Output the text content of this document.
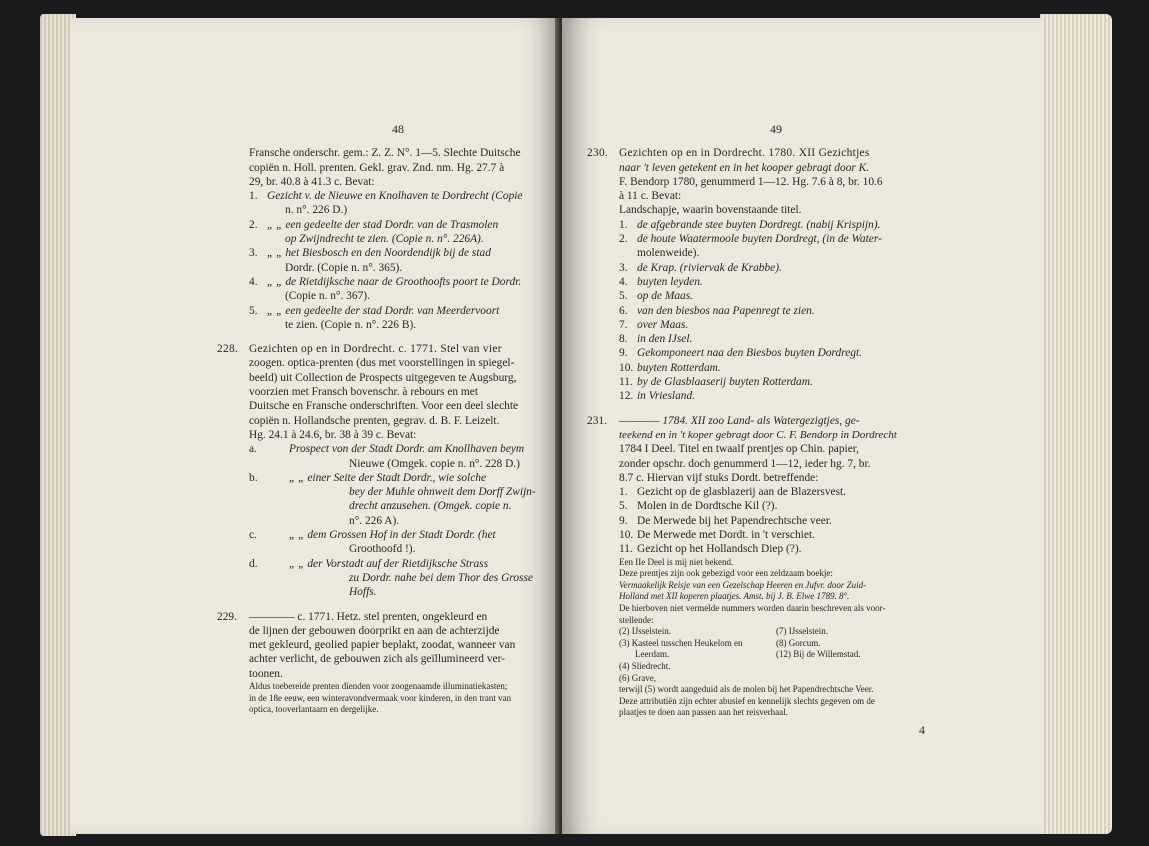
48

Fransche onderschr. gem.: Z. Z. N°. 1—5. Slechte Duitsche

copiën n. Holl. prenten. Gekl. grav. Znd. nm. Hg. 27.7 à

29, br. 40.8 à 41.3 c. Bevat:

1. Gezicht v. de Nieuwe en Knolhaven te Dordrecht (Copie
n. n°. 226 D.)
2. „ „ een gedeelte der stad Dordr. van de Trasmolen
op Zwijndrecht te zien. (Copie n. n°. 226A).
3. „ „ het Biesbosch en den Noordendijk bij de stad
Dordr. (Copie n. n°. 365).
4. „ „ de Rietdijksche naar de Groothoofts poort te Dordr.
(Copie n. n°. 367).
5. „ „ een gedeelte der stad Dordr. van Meerdervoort
te zien. (Copie n. n°. 226 B).

228. Gezichten op en in Dordrecht. c. 1771. Stel van vier

zoogen. optica-prenten (dus met voorstellingen in spiegel-

beeld) uit Collection de Prospects uitgegeven te Augsburg,

voorzien met Fransch bovenschr. à rebours en met

Duitsche en Fransche onderschriften. Voor een deel slechte

copiën n. Hollandsche prenten, gegrav. d. B. F. Leizelt.

Hg. 24.1 à 24.6, br. 38 à 39 c. Bevat:

a.	Prospect von der Stadt Dordr. am Knollhaven beym
Nieuwe (Omgek. copie n. n°. 228 D.)
b.	„ „ einer Seite der Stadt Dordr., wie solche
bey der Muhle ohnweit dem Dorff Zwijn-
drecht anzusehen. (Omgek. copie n.
n°. 226 A).
c.	„ „ dem Grossen Hof in der Stadt Dordr. (het
Groothoofd !).
d.	„ „ der Vorstadt auf der Rietdijksche Strass
zu Dordr. nahe bei dem Thor des Grosse
Hoffs.

229. ———— c. 1771. Hetz. stel prenten, ongekleurd en

de lijnen der gebouwen doorprikt en aan de achterzijde

met gekleurd, geolied papier beplakt, zoodat, wanneer van

achter verlicht, de gebouwen zich als geïllumineerd ver-

toonen.

Aldus toebereide prenten dienden voor zoogenaamde illuminatiekasten;

in de 18e eeuw, een winteravondvermaak voor kinderen, in den trant van

optica, tooverlantaarn en dergelijke.

49

230. Gezichten op en in Dordrecht. 1780. XII Gezichtjes

naar 't leven getekent en in het kooper gebragt door K.

F. Bendorp 1780, genummerd 1—12. Hg. 7.6 à 8, br. 10.6

à 11 c. Bevat:

Landschapje, waarin bovenstaande titel.

1. de afgebrande stee buyten Dordregt. (nabij Krispijn).
2. de houte Waatermoole buyten Dordregt, (in de Water-
molenweide).
3. de Krap. (riviervak de Krabbe).
4. buyten leyden.
5. op de Maas.
6. van den biesbos naa Papenregt te zien.
7. over Maas.
8. in den IJsel.
9. Gekomponeert naa den Biesbos buyten Dordregt.
10. buyten Rotterdam.
11. by de Glasblaaserij buyten Rotterdam.
12. in Vriesland.

231. ———— 1784. XII zoo Land- als Watergezigtjes, ge-

teekend en in 't koper gebragt door C. F. Bendorp in Dordrecht

1784 I Deel. Titel en twaalf prentjes op Chin. papier,

zonder opschr. doch genummerd 1—12, ieder hg. 7, br.

8.7 c. Hiervan vijf stuks Dordt. betreffende:

1. Gezicht op de glasblazerij aan de Blazersvest.
5. Molen in de Dordtsche Kil (?).
9. De Merwede bij het Papendrechtsche veer.
10. De Merwede met Dordt. in 't verschiet.
11. Gezicht op het Hollandsch Diep (?).

Een IIe Deel is mij niet bekend.

Deze prentjes zijn ook gebezigd voor een zeldzaam boekje:

Vermaakelijk Reisje van een Gezelschap Heeren en Jufvr. door Zuid-

Holland met XII koperen plaatjes. Amst. bij J. B. Elwe 1789. 8°.

De hierboven niet vermelde nummers worden daarin beschreven als voor-

stellende:

(2) IJsselstein.
(3) Kasteel tusschen Heukelom en
Leerdam.
(4) Sliedrecht.
(6) Grave,
(7) IJsselstein.
(8) Gorcum.
(12) Bij de Willemstad.

terwijl (5) wordt aangeduid als de molen bij het Papendrechtsche Veer.

Deze attributiën zijn echter abusief en kennelijk slechts gegeven om de

plaatjes te doen aan passen aan het reisverhaal.

4
